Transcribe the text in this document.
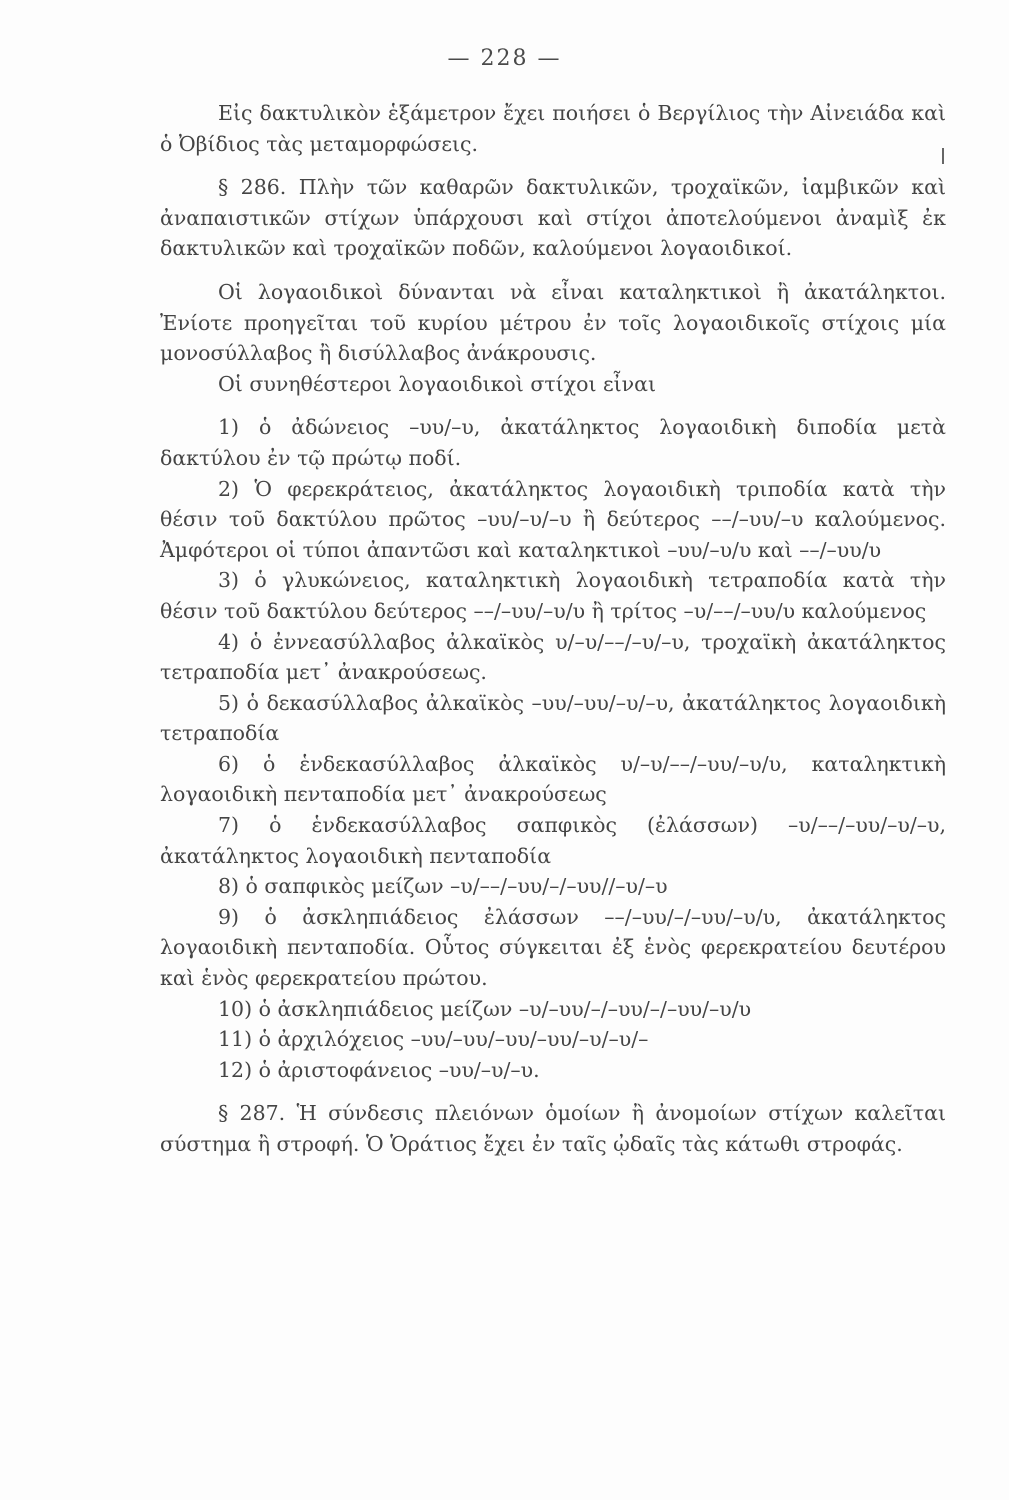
— 228 —

Εἰς δακτυλικὸν ἑξάμετρον ἔχει ποιήσει ὁ Βεργίλιος τὴν Αἰνειάδα καὶ ὁ Ὀβίδιος τὰς μεταμορφώσεις.

§ 286. Πλὴν τῶν καθαρῶν δακτυλικῶν, τροχαϊκῶν, ἰαμβικῶν καὶ ἀναπαιστικῶν στίχων ὑπάρχουσι καὶ στίχοι ἀποτελούμενοι ἀναμὶξ ἐκ δακτυλικῶν καὶ τροχαϊκῶν ποδῶν, καλούμενοι λογαοιδικοί.

Οἱ λογαοιδικοὶ δύνανται νὰ εἶναι καταληκτικοὶ ἢ ἀκατάληκτοι. Ἐνίοτε προηγεῖται τοῦ κυρίου μέτρου ἐν τοῖς λογαοιδικοῖς στίχοις μία μονοσύλλαβος ἢ δισύλλαβος ἀνάκρουσις.

Οἱ συνηθέστεροι λογαοιδικοὶ στίχοι εἶναι

1) ὁ ἀδώνειος –υυ/–υ, ἀκατάληκτος λογαοιδικὴ διποδία μετὰ δακτύλου ἐν τῷ πρώτῳ ποδί.

2) Ὁ φερεκράτειος, ἀκατάληκτος λογαοιδικὴ τριποδία κατὰ τὴν θέσιν τοῦ δακτύλου πρῶτος –υυ/–υ/–υ ἢ δεύτερος ––/–υυ/–υ καλούμενος. Ἀμφότεροι οἱ τύποι ἀπαντῶσι καὶ καταληκτικοὶ –υυ/–υ/υ καὶ ––/–υυ/υ

3) ὁ γλυκώνειος, καταληκτικὴ λογαοιδικὴ τετραποδία κατὰ τὴν θέσιν τοῦ δακτύλου δεύτερος ––/–υυ/–υ/υ ἢ τρίτος –υ/––/–υυ/υ καλούμενος

4) ὁ ἐννεασύλλαβος ἀλκαϊκὸς υ/–υ/––/–υ/–υ, τροχαϊκὴ ἀκατάληκτος τετραποδία μετ᾽ ἀνακρούσεως.

5) ὁ δεκασύλλαβος ἀλκαϊκὸς –υυ/–υυ/–υ/–υ, ἀκατάληκτος λογαοιδικὴ τετραποδία

6) ὁ ἑνδεκασύλλαβος ἀλκαϊκὸς υ/–υ/––/–υυ/–υ/υ, καταληκτικὴ λογαοιδικὴ πενταποδία μετ᾽ ἀνακρούσεως

7) ὁ ἑνδεκασύλλαβος σαπφικὸς (ἐλάσσων) –υ/––/–υυ/–υ/–υ, ἀκατάληκτος λογαοιδικὴ πενταποδία

8) ὁ σαπφικὸς μείζων –υ/––/–υυ/–/–υυ//–υ/–υ

9) ὁ ἀσκληπιάδειος ἐλάσσων ––/–υυ/–/–υυ/–υ/υ, ἀκατάληκτος λογαοιδικὴ πενταποδία. Οὗτος σύγκειται ἐξ ἑνὸς φερεκρατείου δευτέρου καὶ ἑνὸς φερεκρατείου πρώτου.

10) ὁ ἀσκληπιάδειος μείζων –υ/–υυ/–/–υυ/–/–υυ/–υ/υ

11) ὁ ἀρχιλόχειος –υυ/–υυ/–υυ/–υυ/–υ/–υ/–

12) ὁ ἀριστοφάνειος –υυ/–υ/–υ.

§ 287. Ἡ σύνδεσις πλειόνων ὁμοίων ἢ ἀνομοίων στίχων καλεῖται σύστημα ἢ στροφή. Ὁ Ὁράτιος ἔχει ἐν ταῖς ᾠδαῖς τὰς κάτωθι στροφάς.
